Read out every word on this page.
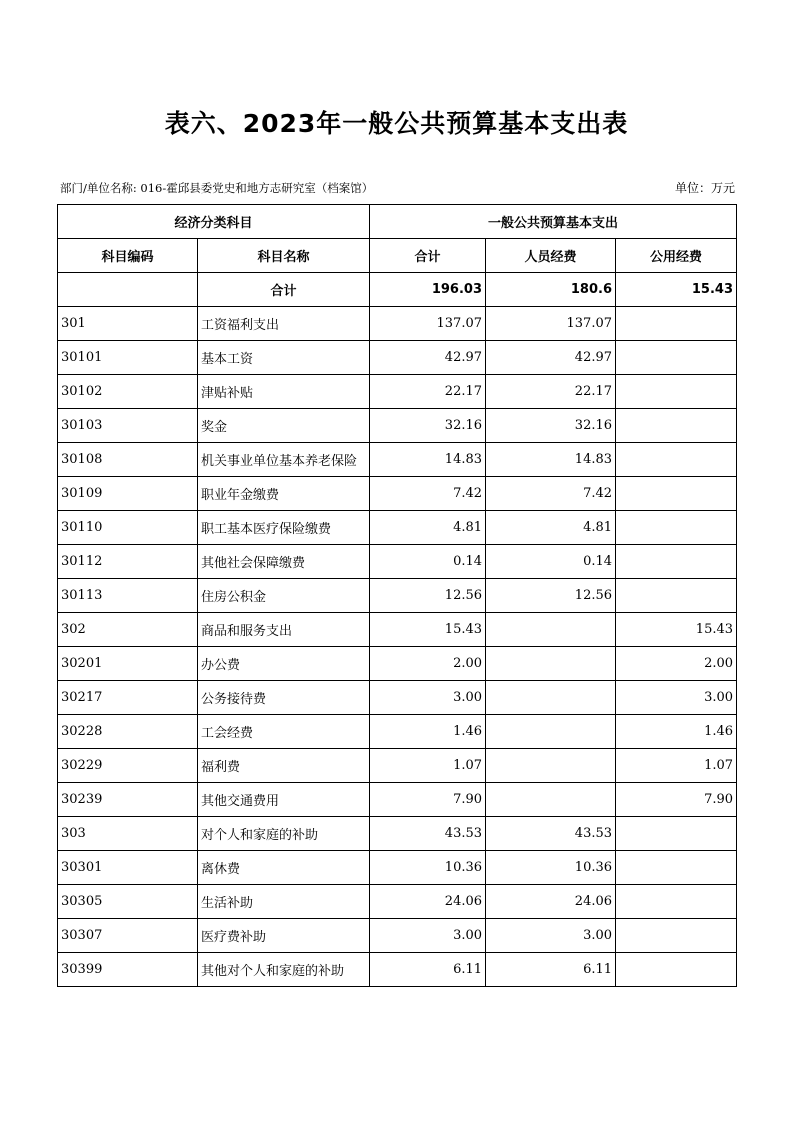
表六、2023年一般公共预算基本支出表
部门/单位名称: 016-霍邱县委党史和地方志研究室（档案馆）	单位：万元
经济分类科目		一般公共预算基本支出		
科目编码	科目名称	合计	人员经费	公用经费
	合计	196.03	180.6	15.43
301	工资福利支出	137.07	137.07	
30101	基本工资	42.97	42.97	
30102	津贴补贴	22.17	22.17	
30103	奖金	32.16	32.16	
30108	机关事业单位基本养老保险	14.83	14.83	
30109	职业年金缴费	7.42	7.42	
30110	职工基本医疗保险缴费	4.81	4.81	
30112	其他社会保障缴费	0.14	0.14	
30113	住房公积金	12.56	12.56	
302	商品和服务支出	15.43		15.43
30201	办公费	2.00		2.00
30217	公务接待费	3.00		3.00
30228	工会经费	1.46		1.46
30229	福利费	1.07		1.07
30239	其他交通费用	7.90		7.90
303	对个人和家庭的补助	43.53	43.53	
30301	离休费	10.36	10.36	
30305	生活补助	24.06	24.06	
30307	医疗费补助	3.00	3.00	
30399	其他对个人和家庭的补助	6.11	6.11	
